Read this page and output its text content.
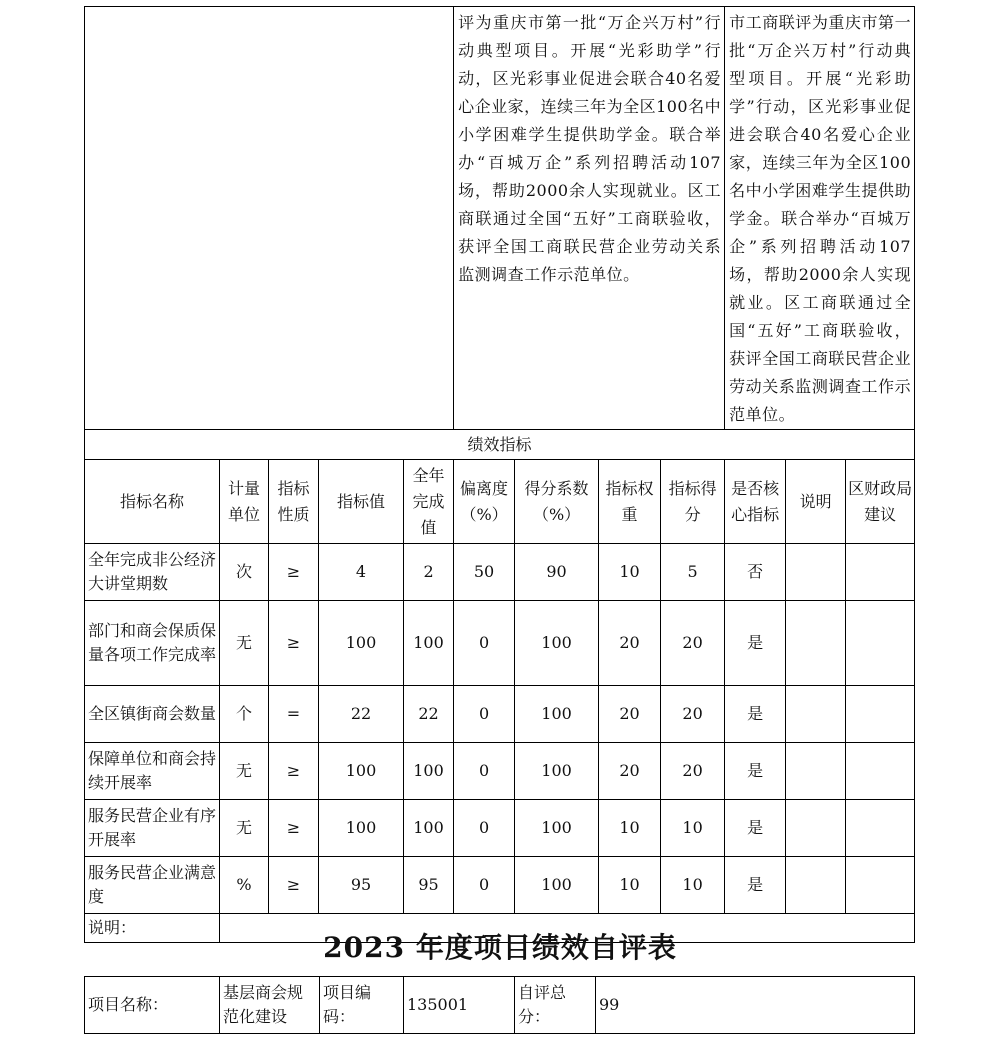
					评为重庆市第一批“万企兴万村”行动典型项目。开展“光彩助学”行动，区光彩事业促进会联合40名爱心企业家，连续三年为全区100名中小学困难学生提供助学金。联合举办“百城万企”系列招聘活动107场，帮助2000余人实现就业。区工商联通过全国“五好”工商联验收，获评全国工商联民营企业劳动关系监测调查工作示范单位。				市工商联评为重庆市第一批“万企兴万村”行动典型项目。开展“光彩助学”行动，区光彩事业促进会联合40名爱心企业家，连续三年为全区100名中小学困难学生提供助学金。联合举办“百城万企”系列招聘活动107场，帮助2000余人实现就业。区工商联通过全国“五好”工商联验收，获评全国工商联民营企业劳动关系监测调查工作示范单位。		
绩效指标											
指标名称	计量单位	指标性质	指标值	全年完成值	偏离度（%）	得分系数（%）	指标权重	指标得分	是否核心指标	说明	区财政局建议
全年完成非公经济大讲堂期数	次	≥	4	2	50	90	10	5	否		
部门和商会保质保量各项工作完成率	无	≥	100	100	0	100	20	20	是		
全区镇街商会数量	个	=	22	22	0	100	20	20	是		
保障单位和商会持续开展率	无	≥	100	100	0	100	20	20	是		
服务民营企业有序开展率	无	≥	100	100	0	100	10	10	是		
服务民营企业满意度	%	≥	95	95	0	100	10	10	是		
说明：											
2023 年度项目绩效自评表
项目名称：	基层商会规范化建设	项目编码：	135001	自评总分：	99
